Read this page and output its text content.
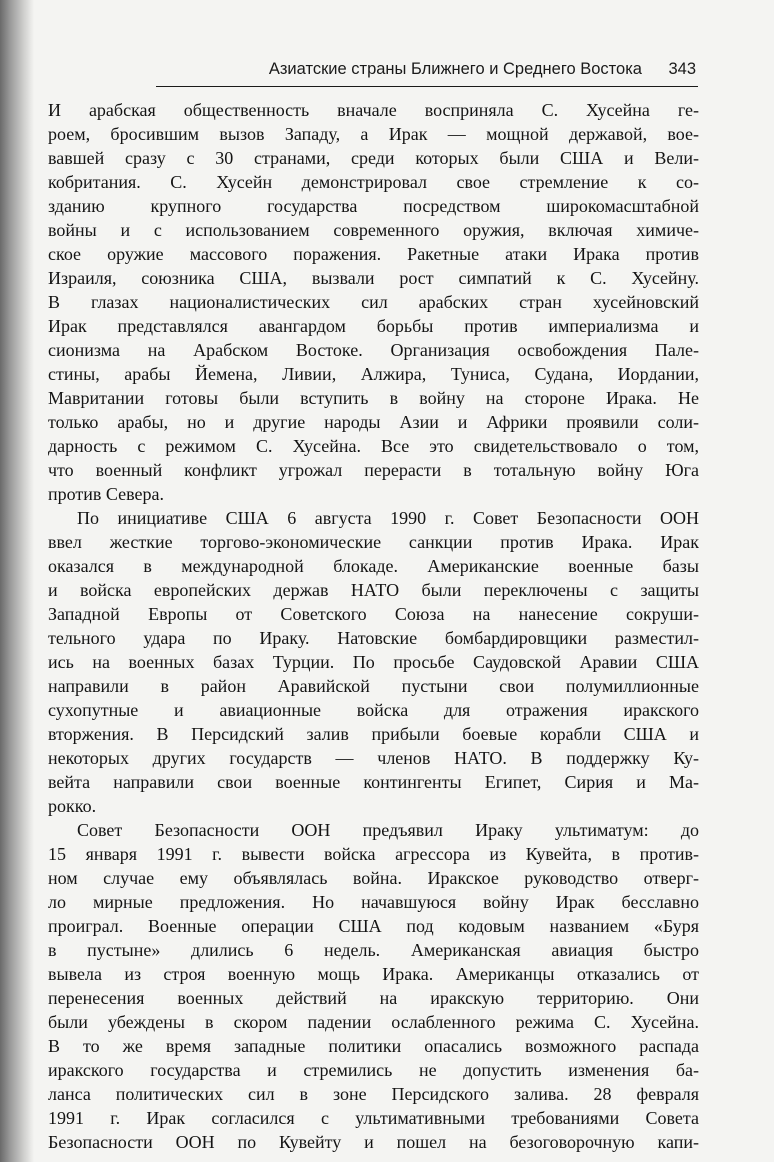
Азиатские страны Ближнего и Среднего Востока 343
И арабская общественность вначале восприняла С. Хусейна ге-
роем, бросившим вызов Западу, а Ирак — мощной державой, вое-
вавшей сразу с 30 странами, среди которых были США и Вели-
кобритания. С. Хусейн демонстрировал свое стремление к со-
зданию крупного государства посредством широкомасштабной
войны и с использованием современного оружия, включая химиче-
ское оружие массового поражения. Ракетные атаки Ирака против
Израиля, союзника США, вызвали рост симпатий к С. Хусейну.
В глазах националистических сил арабских стран хусейновский
Ирак представлялся авангардом борьбы против империализма и
сионизма на Арабском Востоке. Организация освобождения Пале-
стины, арабы Йемена, Ливии, Алжира, Туниса, Судана, Иордании,
Мавритании готовы были вступить в войну на стороне Ирака. Не
только арабы, но и другие народы Азии и Африки проявили соли-
дарность с режимом С. Хусейна. Все это свидетельствовало о том,
что военный конфликт угрожал перерасти в тотальную войну Юга
против Севера.
По инициативе США 6 августа 1990 г. Совет Безопасности ООН
ввел жесткие торгово-экономические санкции против Ирака. Ирак
оказался в международной блокаде. Американские военные базы
и войска европейских держав НАТО были переключены с защиты
Западной Европы от Советского Союза на нанесение сокруши-
тельного удара по Ираку. Натовские бомбардировщики разместил-
ись на военных базах Турции. По просьбе Саудовской Аравии США
направили в район Аравийской пустыни свои полумиллионные
сухопутные и авиационные войска для отражения иракского
вторжения. В Персидский залив прибыли боевые корабли США и
некоторых других государств — членов НАТО. В поддержку Ку-
вейта направили свои военные контингенты Египет, Сирия и Ма-
рокко.
Совет Безопасности ООН предъявил Ираку ультиматум: до
15 января 1991 г. вывести войска агрессора из Кувейта, в против-
ном случае ему объявлялась война. Иракское руководство отверг-
ло мирные предложения. Но начавшуюся войну Ирак бесславно
проиграл. Военные операции США под кодовым названием «Буря
в пустыне» длились 6 недель. Американская авиация быстро
вывела из строя военную мощь Ирака. Американцы отказались от
перенесения военных действий на иракскую территорию. Они
были убеждены в скором падении ослабленного режима С. Хусейна.
В то же время западные политики опасались возможного распада
иракского государства и стремились не допустить изменения ба-
ланса политических сил в зоне Персидского залива. 28 февраля
1991 г. Ирак согласился с ультимативными требованиями Совета
Безопасности ООН по Кувейту и пошел на безоговорочную капи-
